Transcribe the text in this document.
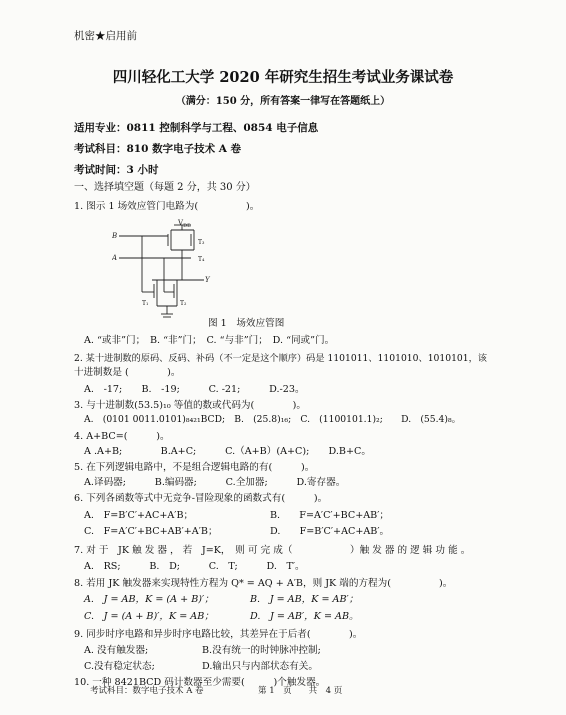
机密★启用前
四川轻化工大学 2020 年研究生招生考试业务课试卷
（满分：150 分，所有答案一律写在答题纸上）
适用专业：0811 控制科学与工程、0854 电子信息
考试科目：810 数字电子技术 A 卷
考试时间：3 小时
一、选择填空题（每题 2 分，共 30 分）
1. 图示 1 场效应管门电路为(　　　　　)。
$V_{DD}$
T₃
T₄
B
A
Y
T₁	T₂
图 1　场效应管图
A. “或非”门；　B. “非”门；　C. “与非”门；　D. “同或”门。
2. 某十进制数的原码、反码、补码（不一定是这个顺序）码是 1101011、1101010、1010101，该
十进制数是 (　　　　)。
A.　-17;　　B.　-19;　　　C. -21;　　　D.-23。
3. 与十进制数(53.5)₁₀ 等值的数或代码为(　　　　)。
A.　(0101 0011.0101)₈₄₂₁BCD;　B.　(25.8)₁₆;　C.　(1100101.1)₂;　　D.　(55.4)₈。
4. A+BC=(　　　)。
A .A+B;　　　　B.A+C;　　　C.（A+B）(A+C);　　D.B+C。
5. 在下列逻辑电路中，不是组合逻辑电路的有(　　　)。
A.译码器;　　　B.编码器;　　　C.全加器;　　　D.寄存器。
6. 下列各函数等式中无竞争-冒险现象的函数式有(　　　)。
A.　F=B′C′+AC+A′B；	B.　　F=A′C′+BC+AB′；
C.　F=A′C′+BC+AB′+A′B；	D.　　F=B′C′+AC+AB′。
7. 对 于　JK 触 发 器 ， 若　J=K，　则 可 完 成（　　　　　　）触 发 器 的 逻 辑 功 能 。
A.　RS;　　　B.　D;　　　C.　T;　　　D.　T′。
8. 若用 JK 触发器来实现特性方程为 Q* = AQ + A′B，则 JK 端的方程为(　　　　　)。
A.　J = AB，K = (A + B)′；	B.　J = AB，K = AB′；
C.　J = (A + B)′，K = AB；	D.　J = AB′，K = AB。
9. 同步时序电路和异步时序电路比较，其差异在于后者(　　　　)。
A. 没有触发器;	B.没有统一的时钟脉冲控制;
C.没有稳定状态;	D.输出只与内部状态有关。
10. 一种 8421BCD 码计数器至少需要(　　　)个触发器。
考试科目：数字电子技术 A 卷	第 1　页　　共　4 页
